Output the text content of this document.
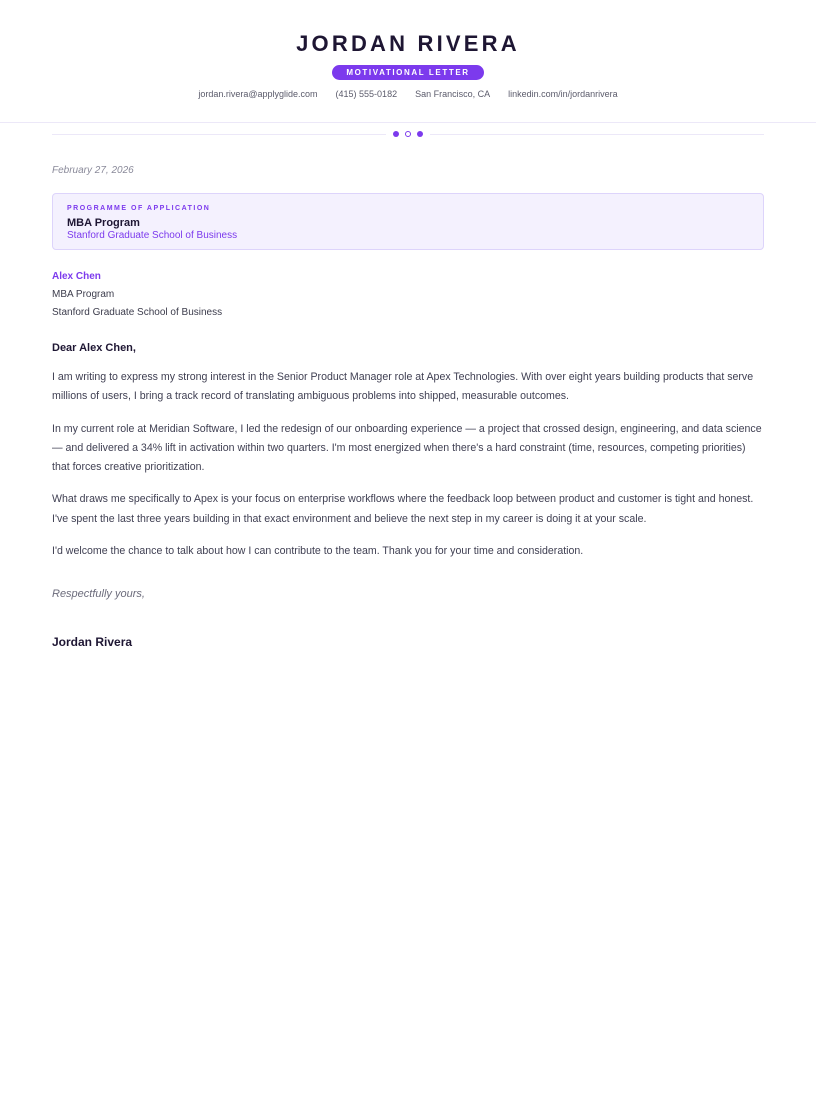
JORDAN RIVERA
MOTIVATIONAL LETTER
jordan.rivera@applyglide.com (415) 555-0182 San Francisco, CA linkedin.com/in/jordanrivera
February 27, 2026
PROGRAMME OF APPLICATION
MBA Program
Stanford Graduate School of Business
Alex Chen
MBA Program
Stanford Graduate School of Business
Dear Alex Chen,

I am writing to express my strong interest in the Senior Product Manager role at Apex Technologies. With over eight years building products that serve millions of users, I bring a track record of translating ambiguous problems into shipped, measurable outcomes.

In my current role at Meridian Software, I led the redesign of our onboarding experience — a project that crossed design, engineering, and data science — and delivered a 34% lift in activation within two quarters. I'm most energized when there's a hard constraint (time, resources, competing priorities) that forces creative prioritization.

What draws me specifically to Apex is your focus on enterprise workflows where the feedback loop between product and customer is tight and honest. I've spent the last three years building in that exact environment and believe the next step in my career is doing it at your scale.

I'd welcome the chance to talk about how I can contribute to the team. Thank you for your time and consideration.

Respectfully yours,
Jordan Rivera
